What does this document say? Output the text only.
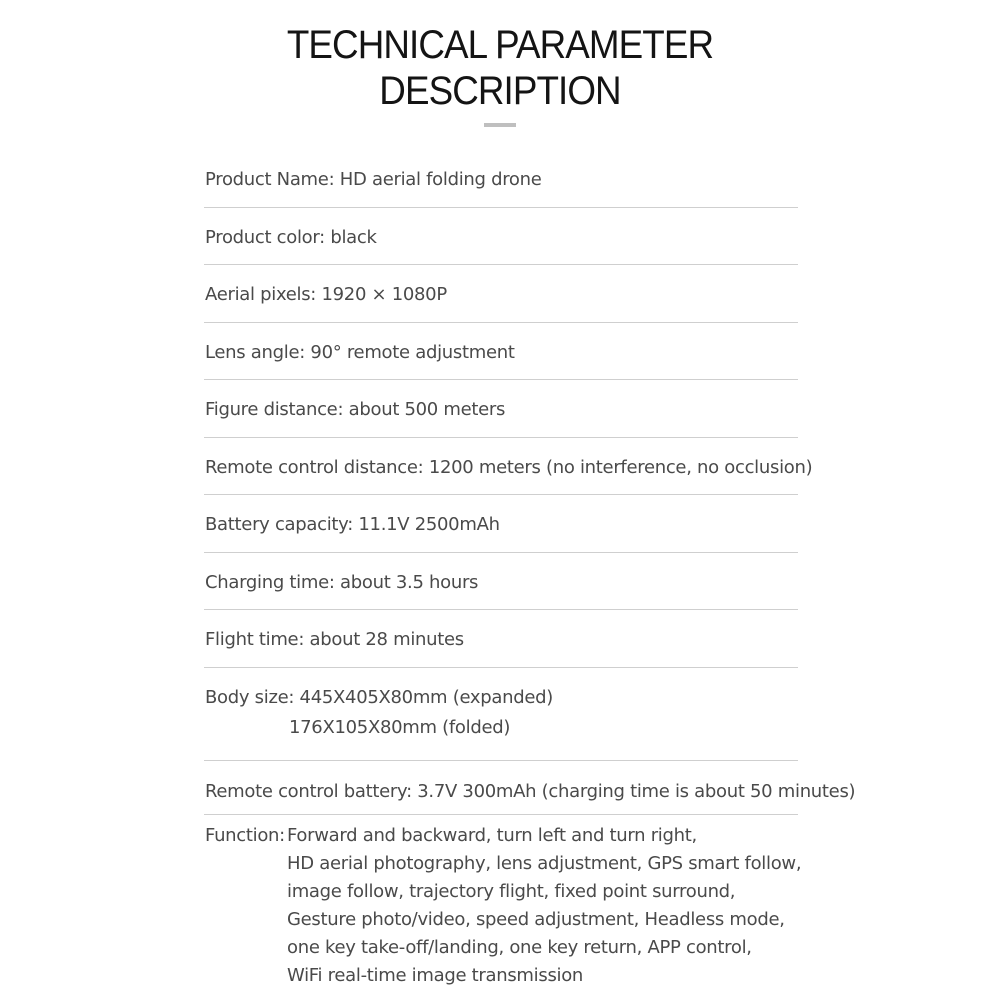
TECHNICAL PARAMETER
DESCRIPTION
Product Name: HD aerial folding drone
Product color: black
Aerial pixels: 1920 × 1080P
Lens angle: 90° remote adjustment
Figure distance: about 500 meters
Remote control distance: 1200 meters (no interference, no occlusion)
Battery capacity: 11.1V 2500mAh
Charging time: about 3.5 hours
Flight time: about 28 minutes
Body size: 445X405X80mm (expanded)
176X105X80mm (folded)
Remote control battery: 3.7V 300mAh (charging time is about 50 minutes)
Function: Forward and backward, turn left and turn right,
HD aerial photography, lens adjustment, GPS smart follow,
image follow, trajectory flight, fixed point surround,
Gesture photo/video, speed adjustment, Headless mode,
one key take-off/landing, one key return, APP control,
WiFi real-time image transmission
